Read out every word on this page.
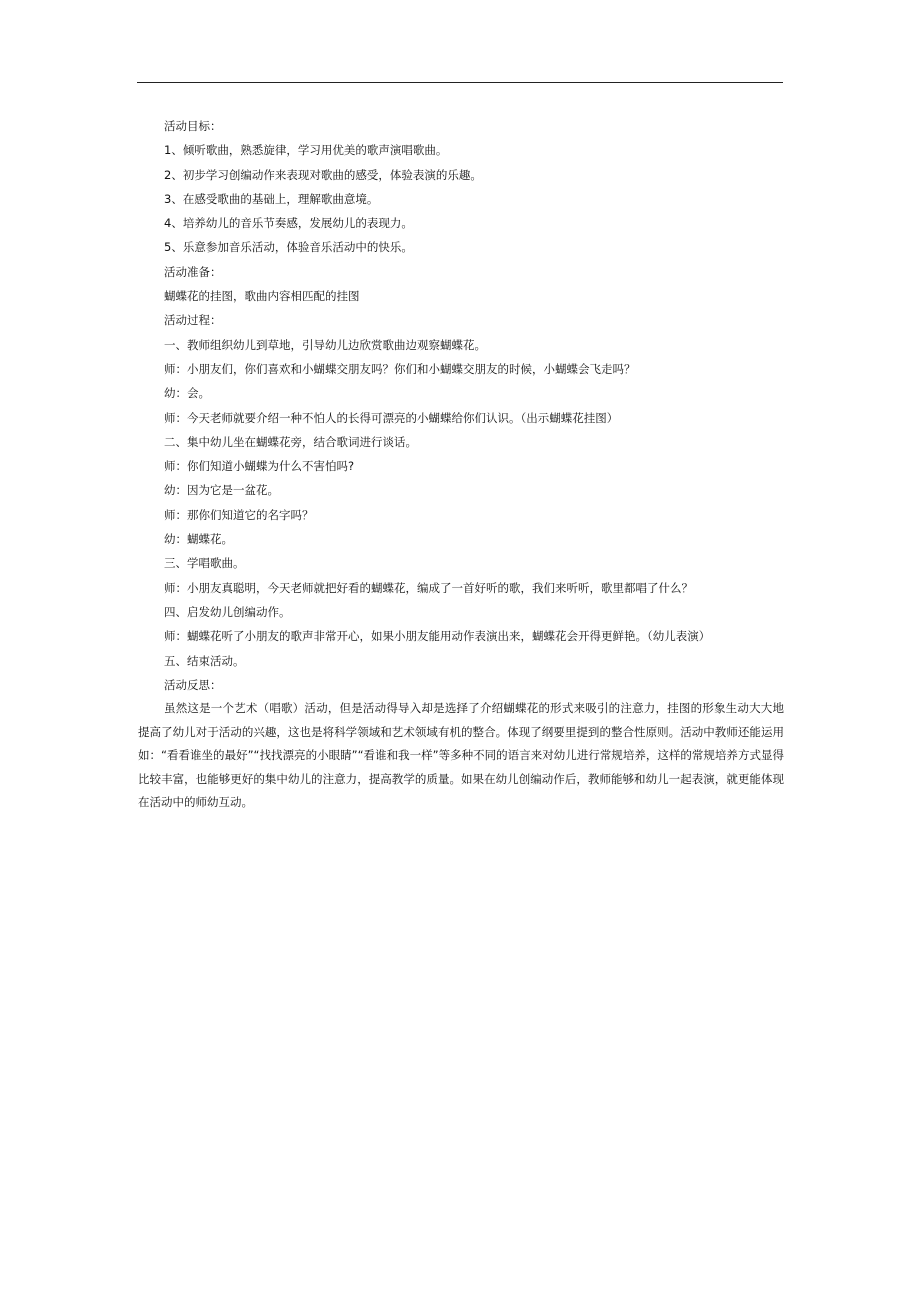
活动目标：

1、倾听歌曲，熟悉旋律，学习用优美的歌声演唱歌曲。

2、初步学习创编动作来表现对歌曲的感受，体验表演的乐趣。

3、在感受歌曲的基础上，理解歌曲意境。

4、培养幼儿的音乐节奏感，发展幼儿的表现力。

5、乐意参加音乐活动，体验音乐活动中的快乐。

活动准备：

蝴蝶花的挂图，歌曲内容相匹配的挂图

活动过程：

一、教师组织幼儿到草地，引导幼儿边欣赏歌曲边观察蝴蝶花。

师：小朋友们，你们喜欢和小蝴蝶交朋友吗？你们和小蝴蝶交朋友的时候，小蝴蝶会飞走吗？

幼：会。

师：今天老师就要介绍一种不怕人的长得可漂亮的小蝴蝶给你们认识。（出示蝴蝶花挂图）

二、集中幼儿坐在蝴蝶花旁，结合歌词进行谈话。

师：你们知道小蝴蝶为什么不害怕吗?

幼：因为它是一盆花。

师：那你们知道它的名字吗？

幼：蝴蝶花。

三、学唱歌曲。

师：小朋友真聪明，今天老师就把好看的蝴蝶花，编成了一首好听的歌，我们来听听，歌里都唱了什么？

四、启发幼儿创编动作。

师：蝴蝶花听了小朋友的歌声非常开心，如果小朋友能用动作表演出来，蝴蝶花会开得更鲜艳。（幼儿表演）

五、结束活动。

活动反思：

虽然这是一个艺术（唱歌）活动，但是活动得导入却是选择了介绍蝴蝶花的形式来吸引的注意力，挂图的形象生动大大地提高了幼儿对于活动的兴趣，这也是将科学领域和艺术领域有机的整合。体现了纲要里提到的整合性原则。活动中教师还能运用如：“看看谁坐的最好”“找找漂亮的小眼睛”“看谁和我一样”等多种不同的语言来对幼儿进行常规培养，这样的常规培养方式显得比较丰富，也能够更好的集中幼儿的注意力，提高教学的质量。如果在幼儿创编动作后，教师能够和幼儿一起表演，就更能体现在活动中的师幼互动。
